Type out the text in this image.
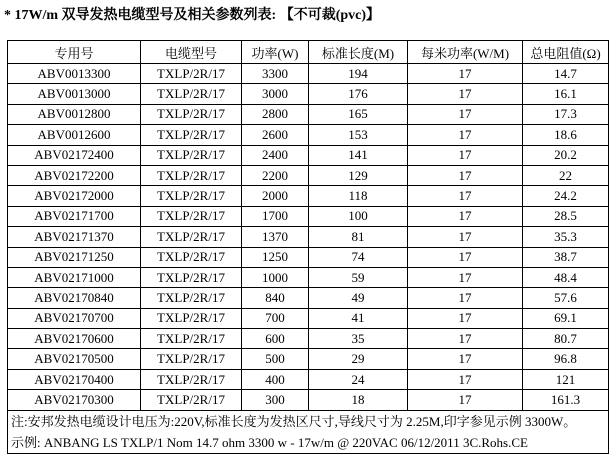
* 17W/m 双导发热电缆型号及相关参数列表: 【不可裁(pvc)】
专用号	电缆型号	功率(W)	标准长度(M)	每米功率(W/M)	总电阻值(Ω)
ABV0013300	TXLP/2R/17	3300	194	17	14.7
ABV0013000	TXLP/2R/17	3000	176	17	16.1
ABV0012800	TXLP/2R/17	2800	165	17	17.3
ABV0012600	TXLP/2R/17	2600	153	17	18.6
ABV02172400	TXLP/2R/17	2400	141	17	20.2
ABV02172200	TXLP/2R/17	2200	129	17	22
ABV02172000	TXLP/2R/17	2000	118	17	24.2
ABV02171700	TXLP/2R/17	1700	100	17	28.5
ABV02171370	TXLP/2R/17	1370	81	17	35.3
ABV02171250	TXLP/2R/17	1250	74	17	38.7
ABV02171000	TXLP/2R/17	1000	59	17	48.4
ABV02170840	TXLP/2R/17	840	49	17	57.6
ABV02170700	TXLP/2R/17	700	41	17	69.1
ABV02170600	TXLP/2R/17	600	35	17	80.7
ABV02170500	TXLP/2R/17	500	29	17	96.8
ABV02170400	TXLP/2R/17	400	24	17	121
ABV02170300	TXLP/2R/17	300	18	17	161.3

注:安邦发热电缆设计电压为:220V,标准长度为发热区尺寸,导线尺寸为 2.25M,印字参见示例 3300W。
示例: ANBANG LS TXLP/1 Nom 14.7 ohm 3300 w - 17w/m @ 220VAC 06/12/2011 3C.Rohs.CE					
